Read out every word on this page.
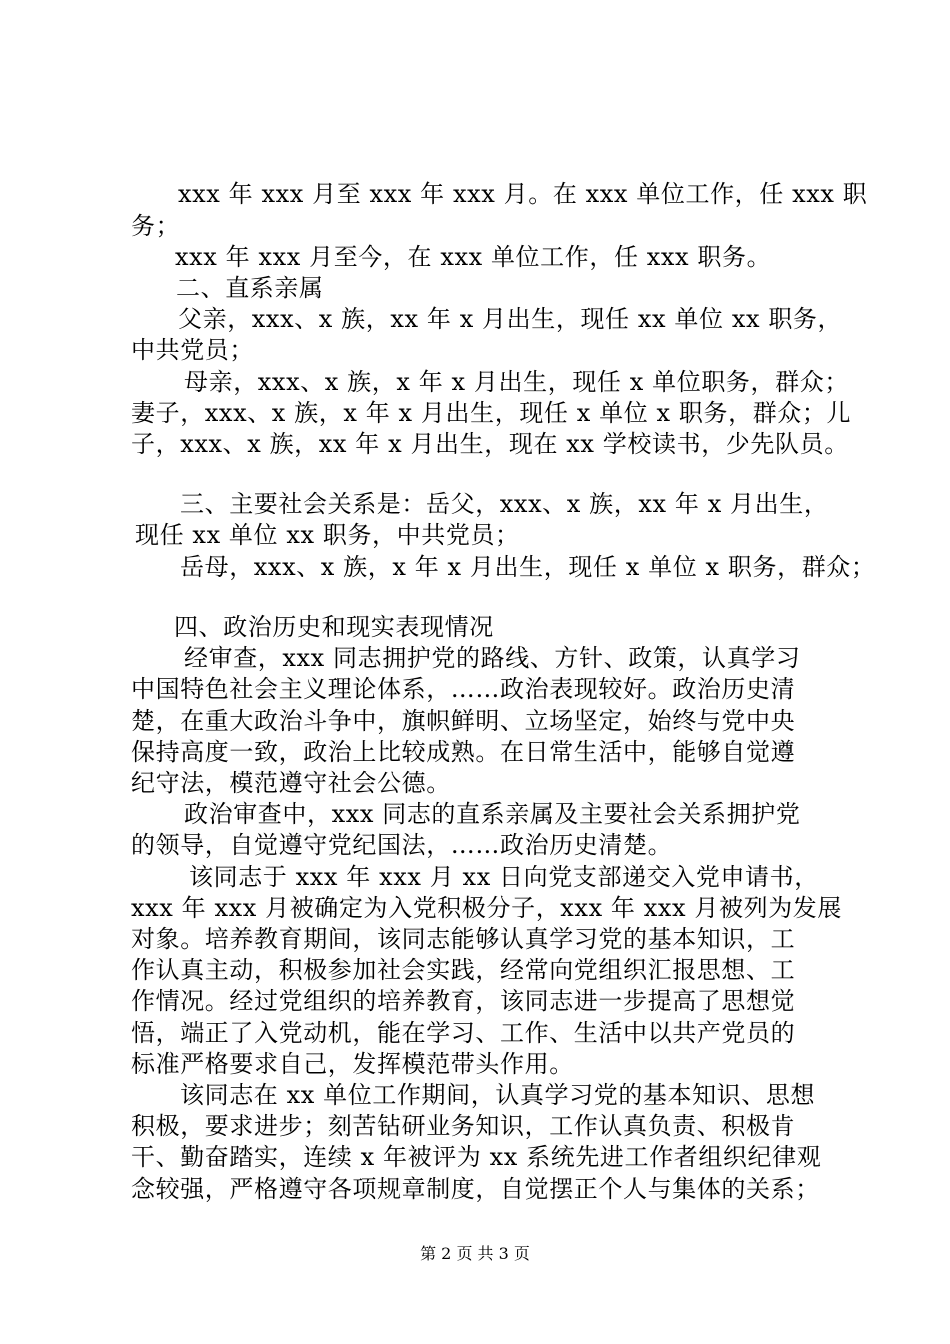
xxx 年 xxx 月至 xxx 年 xxx 月。在 xxx 单位工作，任 xxx 职
务；
xxx 年 xxx 月至今，在 xxx 单位工作，任 xxx 职务。
二、直系亲属
父亲，xxx、x 族，xx 年 x 月出生，现任 xx 单位 xx 职务，
中共党员；
母亲，xxx、x 族，x 年 x 月出生，现任 x 单位职务，群众；
妻子，xxx、x 族，x 年 x 月出生，现任 x 单位 x 职务，群众；儿
子，xxx、x 族，xx 年 x 月出生，现在 xx 学校读书，少先队员。
三、主要社会关系是：岳父，xxx、x 族，xx 年 x 月出生，
现任 xx 单位 xx 职务，中共党员；
岳母，xxx、x 族，x 年 x 月出生，现任 x 单位 x 职务，群众；
四、政治历史和现实表现情况
经审查，xxx 同志拥护党的路线、方针、政策，认真学习
中国特色社会主义理论体系，……政治表现较好。政治历史清
楚，在重大政治斗争中，旗帜鲜明、立场坚定，始终与党中央
保持高度一致，政治上比较成熟。在日常生活中，能够自觉遵
纪守法，模范遵守社会公德。
政治审查中，xxx 同志的直系亲属及主要社会关系拥护党
的领导，自觉遵守党纪国法，……政治历史清楚。
该同志于 xxx 年 xxx 月 xx 日向党支部递交入党申请书，
xxx 年 xxx 月被确定为入党积极分子，xxx 年 xxx 月被列为发展
对象。培养教育期间，该同志能够认真学习党的基本知识，工
作认真主动，积极参加社会实践，经常向党组织汇报思想、工
作情况。经过党组织的培养教育，该同志进一步提高了思想觉
悟，端正了入党动机，能在学习、工作、生活中以共产党员的
标准严格要求自己，发挥模范带头作用。
该同志在 xx 单位工作期间，认真学习党的基本知识、思想
积极，要求进步；刻苦钻研业务知识，工作认真负责、积极肯
干、勤奋踏实，连续 x 年被评为 xx 系统先进工作者组织纪律观
念较强，严格遵守各项规章制度，自觉摆正个人与集体的关系；
第 2 页 共 3 页
